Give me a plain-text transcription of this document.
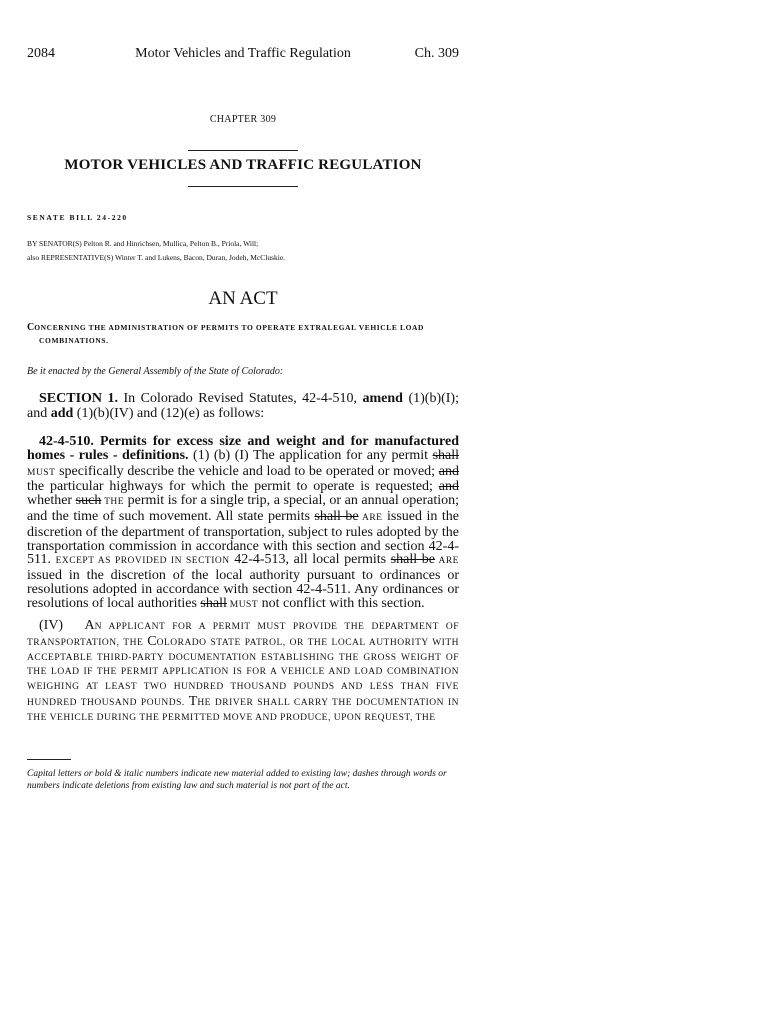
2084	Motor Vehicles and Traffic Regulation	Ch. 309
CHAPTER 309
MOTOR VEHICLES AND TRAFFIC REGULATION
SENATE BILL 24-220
BY SENATOR(S) Pelton R. and Hinrichsen, Mullica, Pelton B., Priola, Will;
also REPRESENTATIVE(S) Winter T. and Lukens, Bacon, Duran, Jodeh, McCluskie.
AN ACT
CONCERNING THE ADMINISTRATION OF PERMITS TO OPERATE EXTRALEGAL VEHICLE LOAD
COMBINATIONS.
Be it enacted by the General Assembly of the State of Colorado:
SECTION 1. In Colorado Revised Statutes, 42-4-510, amend (1)(b)(I); and add (1)(b)(IV) and (12)(e) as follows:
42-4-510. Permits for excess size and weight and for manufactured homes - rules - definitions. (1) (b) (I) The application for any permit shall MUST specifically describe the vehicle and load to be operated or moved; and the particular highways for which the permit to operate is requested; and whether such THE permit is for a single trip, a special, or an annual operation; and the time of such movement. All state permits shall be ARE issued in the discretion of the department of transportation, subject to rules adopted by the transportation commission in accordance with this section and section 42-4-511. EXCEPT AS PROVIDED IN SECTION 42-4-513, all local permits shall be ARE issued in the discretion of the local authority pursuant to ordinances or resolutions adopted in accordance with section 42-4-511. Any ordinances or resolutions of local authorities shall MUST not conflict with this section.
(IV) AN APPLICANT FOR A PERMIT MUST PROVIDE THE DEPARTMENT OF TRANSPORTATION, THE COLORADO STATE PATROL, OR THE LOCAL AUTHORITY WITH ACCEPTABLE THIRD-PARTY DOCUMENTATION ESTABLISHING THE GROSS WEIGHT OF THE LOAD IF THE PERMIT APPLICATION IS FOR A VEHICLE AND LOAD COMBINATION WEIGHING AT LEAST TWO HUNDRED THOUSAND POUNDS AND LESS THAN FIVE HUNDRED THOUSAND POUNDS. THE DRIVER SHALL CARRY THE DOCUMENTATION IN THE VEHICLE DURING THE PERMITTED MOVE AND PRODUCE, UPON REQUEST, THE
Capital letters or bold & italic numbers indicate new material added to existing law; dashes through words or numbers indicate deletions from existing law and such material is not part of the act.
